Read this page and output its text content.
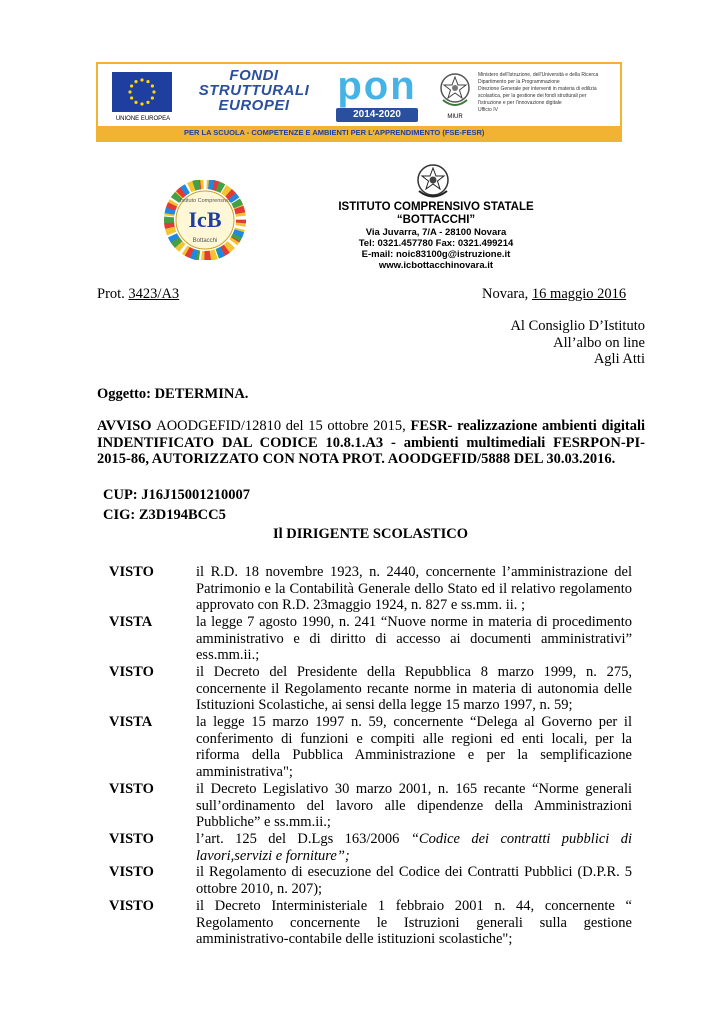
UNIONE EUROPEA
FONDI
STRUTTURALI
EUROPEI	pon
2014-2020	MIUR
Ministero dell'Istruzione, dell'Università e della Ricerca
Dipartimento per la Programmazione
Direzione Generale per interventi in materia di edilizia
scolastica, per la gestione dei fondi strutturali per
l'istruzione e per l'innovazione digitale
Ufficio IV
PER LA SCUOLA - COMPETENZE E AMBIENTI PER L'APPRENDIMENTO (FSE-FESR)
IcB
Istituto Comprensivo
Bottacchi
ISTITUTO COMPRENSIVO STATALE
“BOTTACCHI”
Via Juvarra, 7/A - 28100 Novara
Tel: 0321.457780 Fax: 0321.499214
E-mail: noic83100g@istruzione.it
www.icbottacchinovara.it
Prot. 3423/A3	Novara, 16 maggio 2016
Al Consiglio D’Istituto
All’albo on line
Agli Atti
Oggetto: DETERMINA.
AVVISO AOODGEFID/12810 del 15 ottobre 2015, FESR- realizzazione ambienti digitali INDENTIFICATO DAL CODICE 10.8.1.A3 - ambienti multimediali FESRPON-PI-2015-86, AUTORIZZATO CON NOTA PROT. AOODGEFID/5888 DEL 30.03.2016.
CUP: J16J15001210007
CIG: Z3D194BCC5
Il DIRIGENTE SCOLASTICO
VISTO	il R.D. 18 novembre 1923, n. 2440, concernente l’amministrazione del Patrimonio e la Contabilità Generale dello Stato ed il relativo regolamento approvato con R.D. 23maggio 1924, n. 827 e ss.mm. ii. ;
VISTA	la legge 7 agosto 1990, n. 241 “Nuove norme in materia di procedimento amministrativo e di diritto di accesso ai documenti amministrativi” ess.mm.ii.;
VISTO	il Decreto del Presidente della Repubblica 8 marzo 1999, n. 275, concernente il Regolamento recante norme in materia di autonomia delle Istituzioni Scolastiche, ai sensi della legge 15 marzo 1997, n. 59;
VISTA	la legge 15 marzo 1997 n. 59, concernente “Delega al Governo per il conferimento di funzioni e compiti alle regioni ed enti locali, per la riforma della Pubblica Amministrazione e per la semplificazione amministrativa";
VISTO	il Decreto Legislativo 30 marzo 2001, n. 165 recante “Norme generali sull’ordinamento del lavoro alle dipendenze della Amministrazioni Pubbliche” e ss.mm.ii.;
VISTO	l’art. 125 del D.Lgs 163/2006 “Codice dei contratti pubblici di lavori,servizi e forniture”;
VISTO	il Regolamento di esecuzione del Codice dei Contratti Pubblici (D.P.R. 5 ottobre 2010, n. 207);
VISTO	il Decreto Interministeriale 1 febbraio 2001 n. 44, concernente “ Regolamento concernente le Istruzioni generali sulla gestione amministrativo-contabile delle istituzioni scolastiche";
